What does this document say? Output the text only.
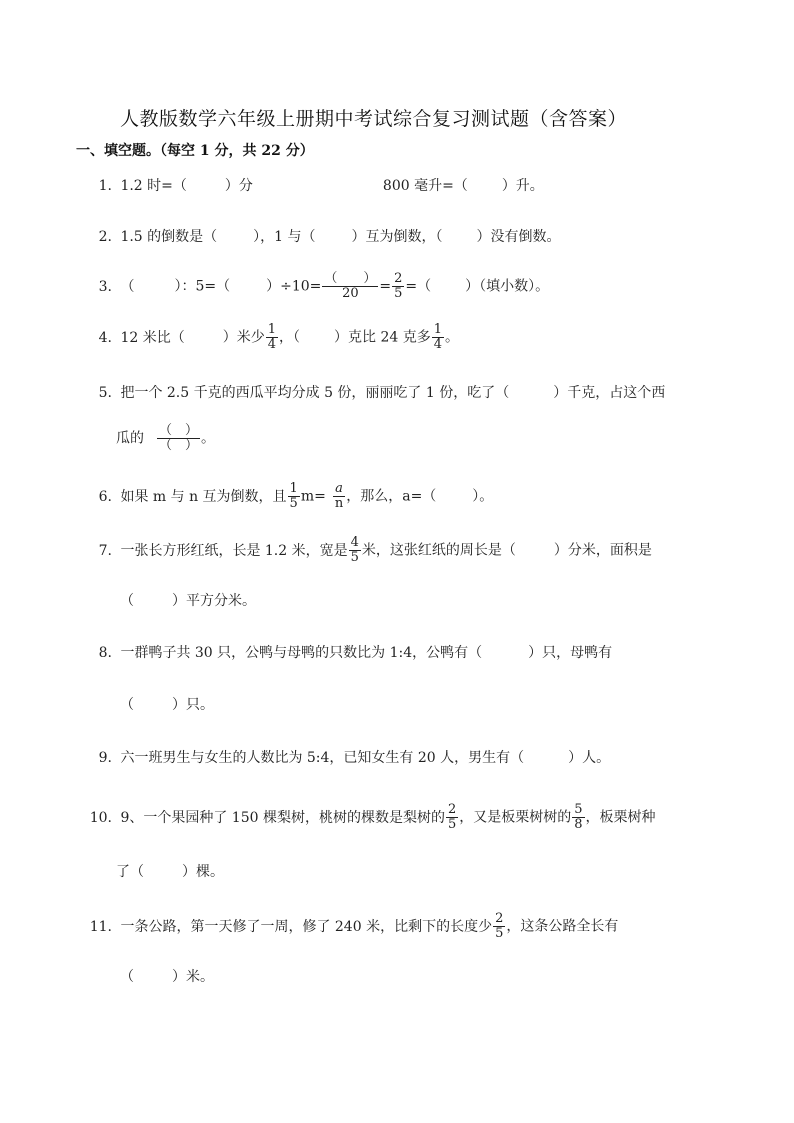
人教版数学六年级上册期中考试综合复习测试题（含答案）
一、填空题。（每空 1 分，共 22 分）
1. 1.2 时=（	）分	800 毫升=（ ）升。
2. 1.5 的倒数是（	），1 与（	）互为倒数，（ ）没有倒数。
3. （	）：5=（	）$\div 10= \frac{( )}{20} = \frac{2}{5}$ =（ ）（填小数）。
4. 12 米比（	）米少 $\frac{1}{4}$ ，（ ）克比 24 克多 $\frac{1}{4}$ 。
5. 把一个 2.5 千克的西瓜平均分成 5 份，丽丽吃了 1 份，吃了（	）千克，占这个西
瓜的 $\frac{( )}{( )}$ 。
6. 如果 m 与 n 互为倒数，且 $\frac{1}{5} m= \frac{a}{n}$ ，那么，a=（	）。
7. 一张长方形红纸，长是 1.2 米，宽是 $\frac{4}{5}$ 米，这张红纸的周长是（	）分米，面积是
（	）平方分米。
8. 一群鸭子共 30 只，公鸭与母鸭的只数比为 1:4，公鸭有（	）只，母鸭有
（	）只。
9. 六一班男生与女生的人数比为 5:4，已知女生有 20 人，男生有（	）人。
10. 9、一个果园种了 150 棵梨树，桃树的棵数是梨树的 $\frac{2}{5}$ ，又是板栗树树的 $\frac{5}{8}$ ，板栗树种
了（	）棵。
11. 一条公路，第一天修了一周，修了 240 米，比剩下的长度少 $\frac{2}{5}$ ，这条公路全长有
（	）米。
